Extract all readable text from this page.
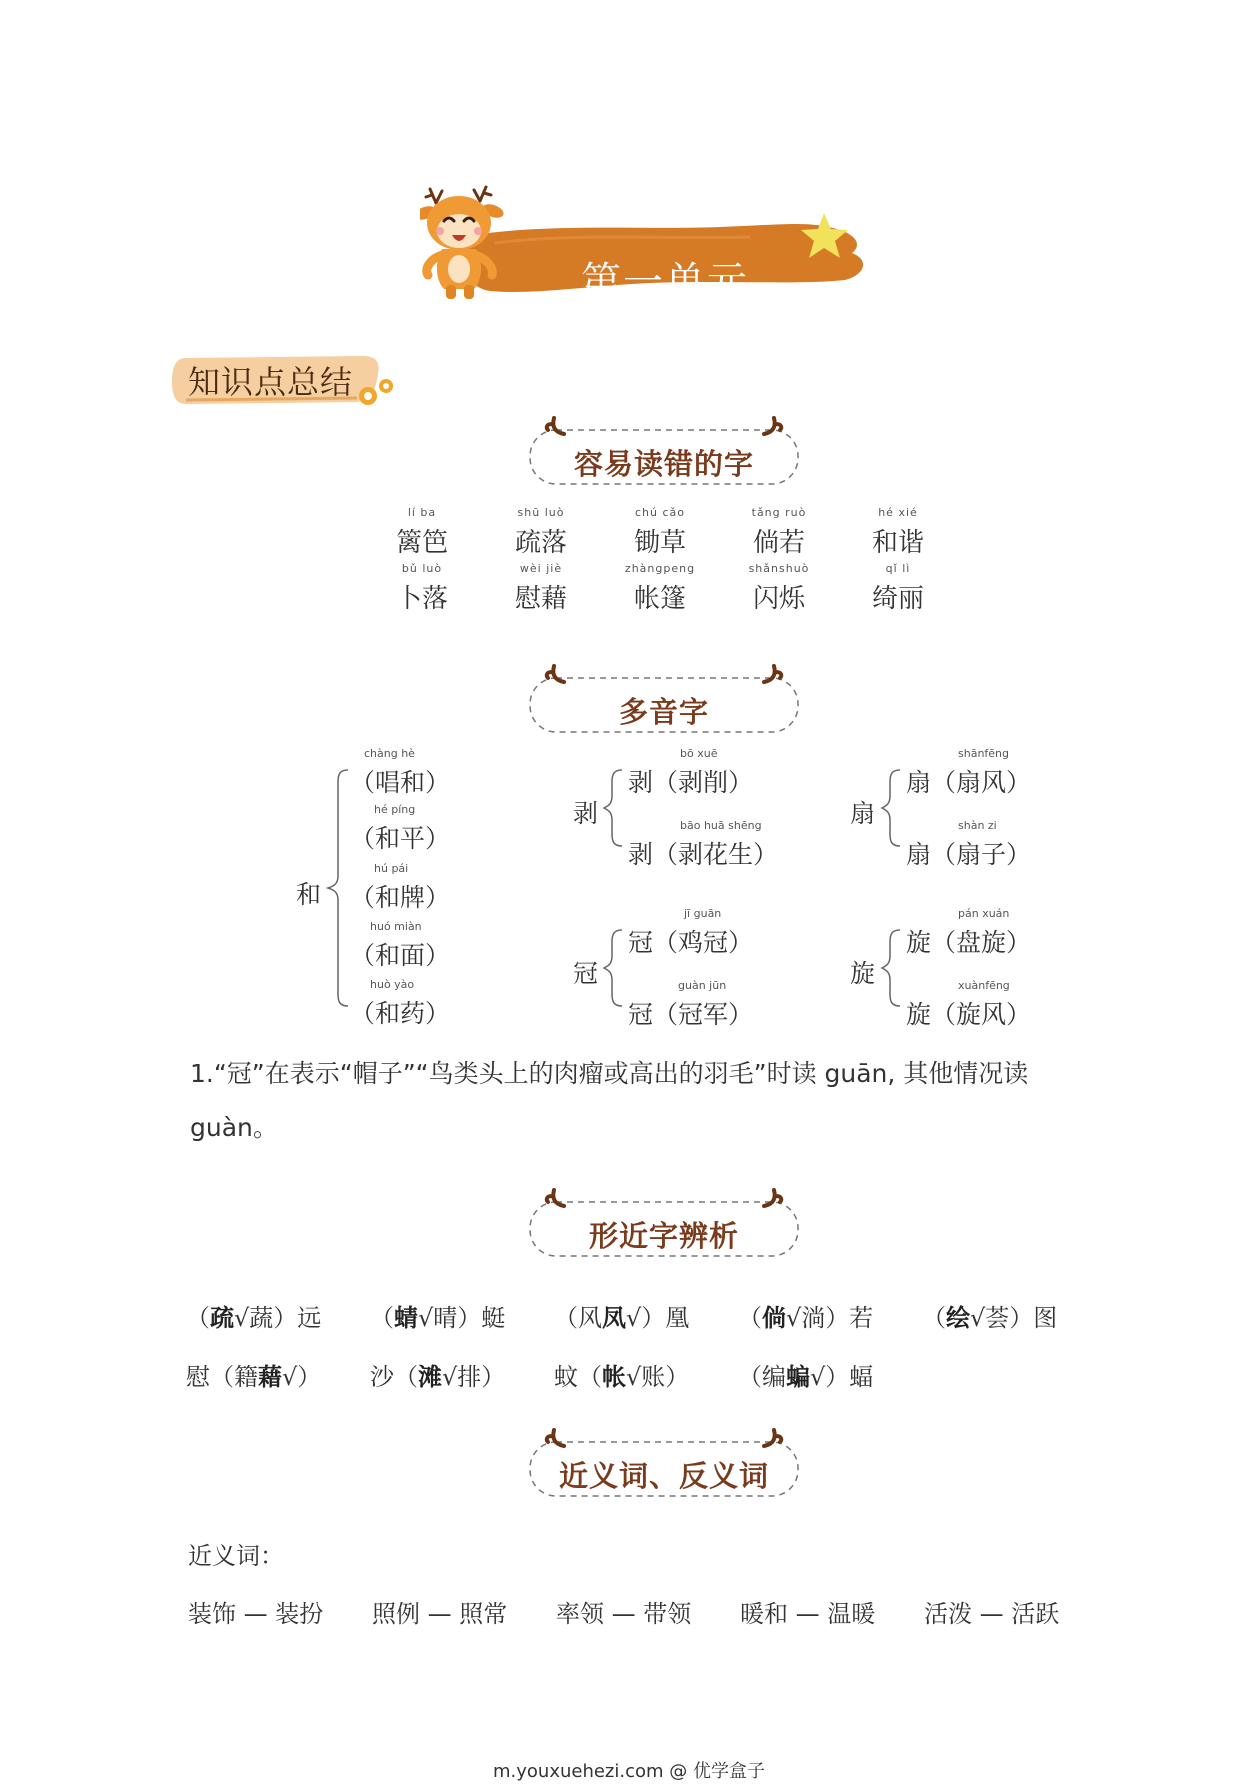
第一单元
知识点总结
容易读错的字
lí ba
篱笆
shū luò
疏落
chú cǎo
锄草
tǎng ruò
倘若
hé xié
和谐
bǔ luò
卜落
wèi jiè
慰藉
zhàngpeng
帐篷
shǎnshuò
闪烁
qǐ lì
绮丽
多音字
和
chàng hè
（唱和）
hé píng
（和平）
hú pái
（和牌）
huó miàn
（和面）
huò yào
（和药）
剥
bō xuē
剥（剥削）
bāo huā shēng
剥（剥花生）
扇
shānfēng
扇（扇风）
shàn zi
扇（扇子）
冠
jī guān
冠（鸡冠）
guàn jūn
冠（冠军）
旋
pán xuán
旋（盘旋）
xuànfēng
旋（旋风）
1.“冠”在表示“帽子”“鸟类头上的肉瘤或高出的羽毛”时读 guān, 其他情况读
guàn。
形近字辨析
（疏√蔬）远 （蜻√晴）蜓 （风凤√）凰 （倘√淌）若 （绘√荟）图
慰（籍藉√） 沙（滩√排） 蚊（帐√账） （编蝙√）蝠
近义词、反义词
近义词：
装饰 — 装扮 照例 — 照常 率领 — 带领 暖和 — 温暖 活泼 — 活跃
m.youxuehezi.com @ 优学盒子
